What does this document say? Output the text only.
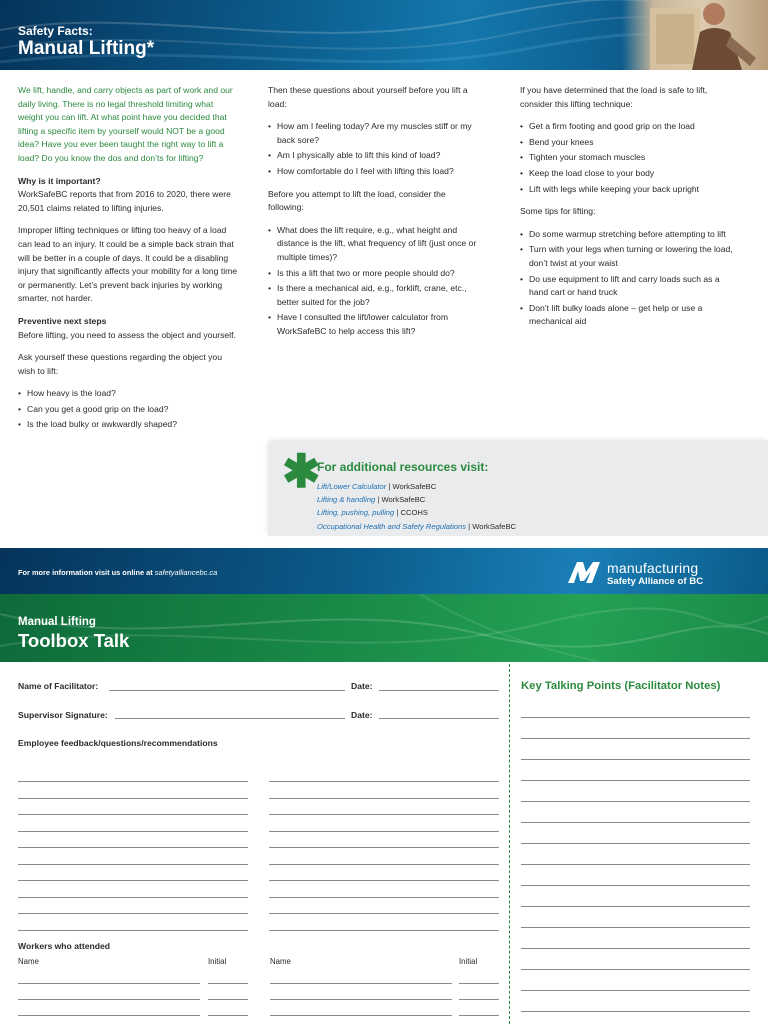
Safety Facts:
Manual Lifting*

We lift, handle, and carry objects as part of work and our daily living. There is no legal threshold limiting what weight you can lift. At what point have you decided that lifting a specific item by yourself would NOT be a good idea? Have you ever been taught the right way to lift a load? Do you know the dos and don’ts for lifting?

Why is it important?

WorkSafeBC reports that from 2016 to 2020, there were 20,501 claims related to lifting injuries.

Improper lifting techniques or lifting too heavy of a load can lead to an injury. It could be a simple back strain that will be better in a couple of days. It could be a disabling injury that significantly affects your mobility for a long time or permanently. Let’s prevent back injuries by working smarter, not harder.

Preventive next steps

Before lifting, you need to assess the object and yourself.

Ask yourself these questions regarding the object you wish to lift:

• How heavy is the load?
• Can you get a good grip on the load?
• Is the load bulky or awkwardly shaped?

Then these questions about yourself before you lift a load:

• How am I feeling today? Are my muscles stiff or my back sore?
• Am I physically able to lift this kind of load?
• How comfortable do I feel with lifting this load?

Before you attempt to lift the load, consider the following:

• What does the lift require, e.g., what height and distance is the lift, what frequency of lift (just once or multiple times)?
• Is this a lift that two or more people should do?
• Is there a mechanical aid, e.g., forklift, crane, etc., better suited for the job?
• Have I consulted the lift/lower calculator from WorkSafeBC to help access this lift?

If you have determined that the load is safe to lift, consider this lifting technique:

• Get a firm footing and good grip on the load
• Bend your knees
• Tighten your stomach muscles
• Keep the load close to your body
• Lift with legs while keeping your back upright

Some tips for lifting:

• Do some warmup stretching before attempting to lift
• Turn with your legs when turning or lowering the load, don’t twist at your waist
• Do use equipment to lift and carry loads such as a hand cart or hand truck
• Don’t lift bulky loads alone – get help or use a mechanical aid
✱
For additional resources visit:
Lift/Lower Calculator | WorkSafeBC
Lifting & handling | WorkSafeBC
Lifting, pushing, pulling | CCOHS
Occupational Health and Safety Regulations | WorkSafeBC
For more information visit us online at safetyalliancebc.ca	manufacturing
Safety Alliance of BC
Manual Lifting
Toolbox Talk
Name of Facilitator:	Date:
Supervisor Signature:	Date:
Employee feedback/questions/recommendations
Workers who attended
Name	Initial	Name	Initial
Key Talking Points (Facilitator Notes)
